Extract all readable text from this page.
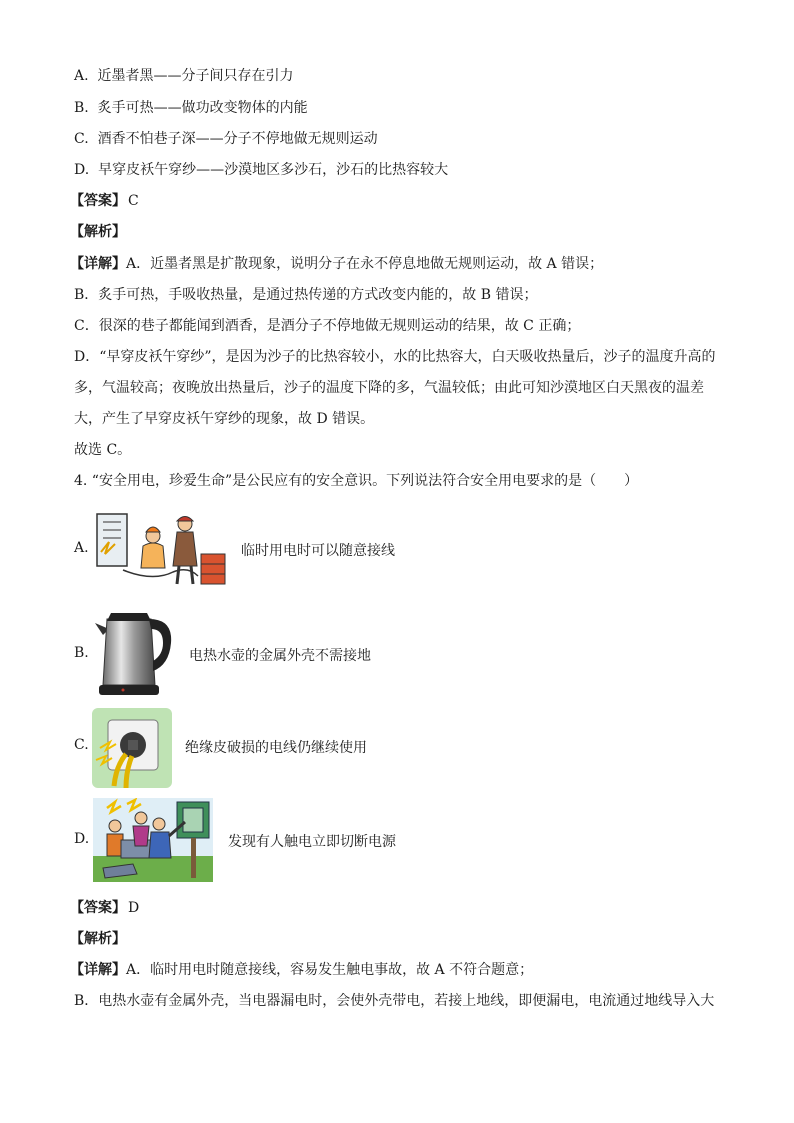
A. 近墨者黑——分子间只存在引力
B. 炙手可热——做功改变物体的内能
C. 酒香不怕巷子深——分子不停地做无规则运动
D. 早穿皮袄午穿纱——沙漠地区多沙石，沙石的比热容较大
【答案】 C
【解析】
【详解】A．近墨者黑是扩散现象，说明分子在永不停息地做无规则运动，故 A 错误；
B．炙手可热，手吸收热量，是通过热传递的方式改变内能的，故 B 错误；
C．很深的巷子都能闻到酒香，是酒分子不停地做无规则运动的结果，故 C 正确；
D．“早穿皮袄午穿纱”，是因为沙子的比热容较小，水的比热容大，白天吸收热量后，沙子的温度升高的
多，气温较高；夜晚放出热量后，沙子的温度下降的多，气温较低；由此可知沙漠地区白天黑夜的温差
大，产生了早穿皮袄午穿纱的现象，故 D 错误。
故选 C。
4. “安全用电，珍爱生命”是公民应有的安全意识。下列说法符合安全用电要求的是（　　）
A.	临时用电时可以随意接线
B.	电热水壶的金属外壳不需接地
C.	绝缘皮破损的电线仍继续使用
D.	发现有人触电立即切断电源
【答案】 D
【解析】
【详解】A．临时用电时随意接线，容易发生触电事故，故 A 不符合题意；
B．电热水壶有金属外壳，当电器漏电时，会使外壳带电，若接上地线，即便漏电，电流通过地线导入大
